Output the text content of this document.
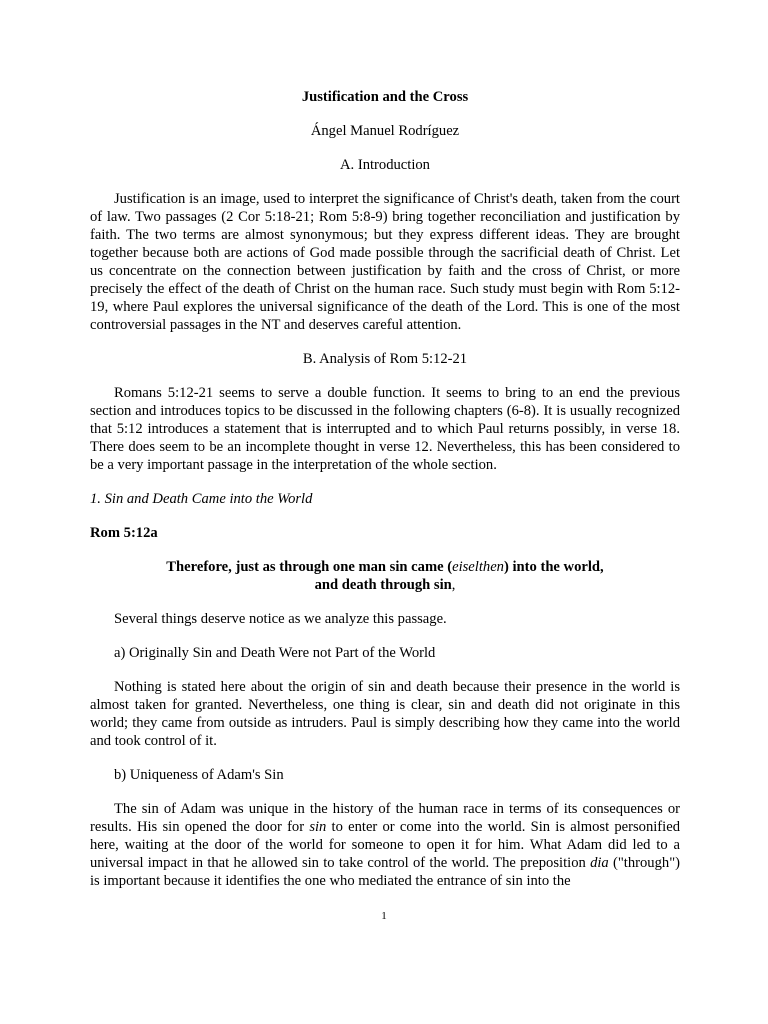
Justification and the Cross

Ángel Manuel Rodríguez

A. Introduction

Justification is an image, used to interpret the significance of Christ's death, taken from the court of law. Two passages (2 Cor 5:18-21; Rom 5:8-9) bring together reconciliation and justification by faith. The two terms are almost synonymous; but they express different ideas. They are brought together because both are actions of God made possible through the sacrificial death of Christ. Let us concentrate on the connection between justification by faith and the cross of Christ, or more precisely the effect of the death of Christ on the human race. Such study must begin with Rom 5:12-19, where Paul explores the universal significance of the death of the Lord. This is one of the most controversial passages in the NT and deserves careful attention.

B. Analysis of Rom 5:12-21

Romans 5:12-21 seems to serve a double function. It seems to bring to an end the previous section and introduces topics to be discussed in the following chapters (6-8). It is usually recognized that 5:12 introduces a statement that is interrupted and to which Paul returns possibly, in verse 18. There does seem to be an incomplete thought in verse 12. Nevertheless, this has been considered to be a very important passage in the interpretation of the whole section.

1. Sin and Death Came into the World

Rom 5:12a

Therefore, just as through one man sin came (eiselthen) into the world,
and death through sin,

Several things deserve notice as we analyze this passage.

a) Originally Sin and Death Were not Part of the World

Nothing is stated here about the origin of sin and death because their presence in the world is almost taken for granted. Nevertheless, one thing is clear, sin and death did not originate in this world; they came from outside as intruders. Paul is simply describing how they came into the world and took control of it.

b) Uniqueness of Adam's Sin

The sin of Adam was unique in the history of the human race in terms of its consequences or results. His sin opened the door for sin to enter or come into the world. Sin is almost personified here, waiting at the door of the world for someone to open it for him. What Adam did led to a universal impact in that he allowed sin to take control of the world. The preposition dia ("through") is important because it identifies the one who mediated the entrance of sin into the

1
